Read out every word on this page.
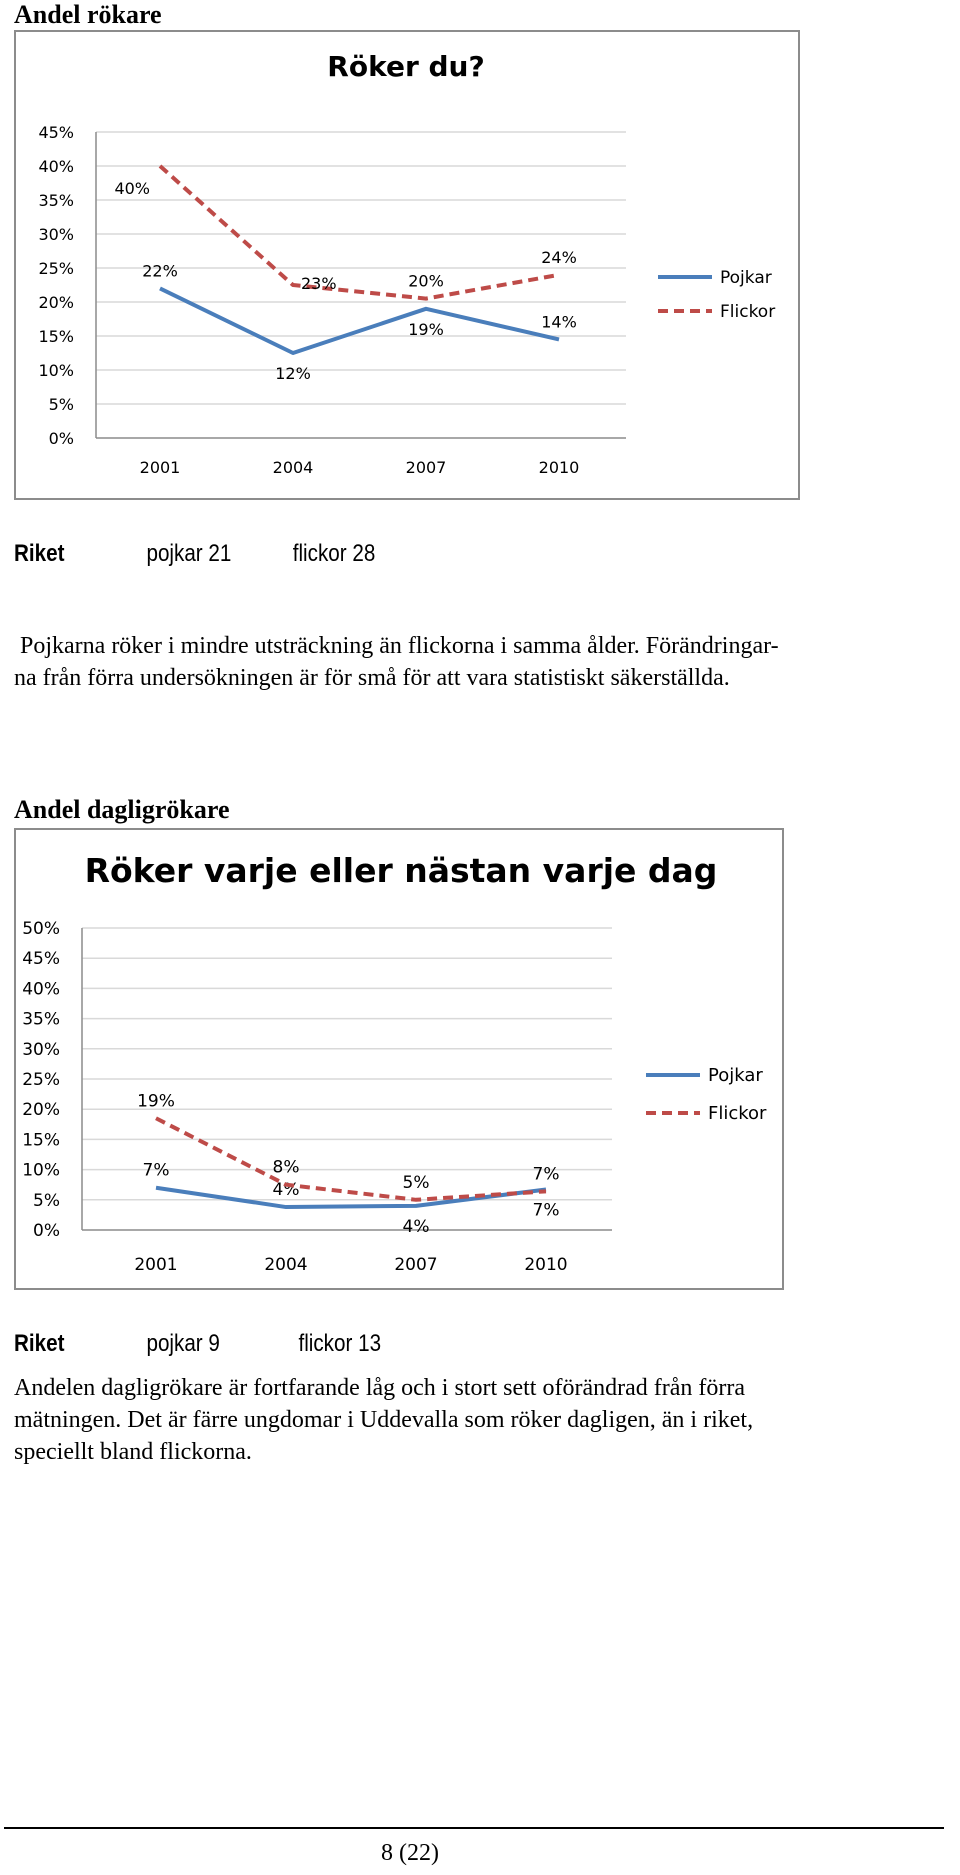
Andel rökare
Röker du?
0%
5%
10%
15%
20%
25%
30%
35%
40%
45%
2001	2004	2007	2010
22%
12%
19%	14%
Pojkar
40%
23%	20%
24%
Flickor
Riket	pojkar 21	flickor 28
Pojkarna röker i mindre utsträckning än flickorna i samma ålder. Förändringar-
na från förra undersökningen är för små för att vara statistiskt säkerställda.
Andel dagligrökare
Röker varje eller nästan varje dag
0%
5%
10%
15%
20%
25%
30%
35%
40%
45%
50%
2001	2004	2007	2010
7%
4%
4%
7%
Pojkar
19%
8%
5%	7%
Flickor
Riket	pojkar 9	flickor 13
Andelen dagligrökare är fortfarande låg och i stort sett oförändrad från förra
mätningen. Det är färre ungdomar i Uddevalla som röker dagligen, än i riket,
speciellt bland flickorna.
8 (22)
